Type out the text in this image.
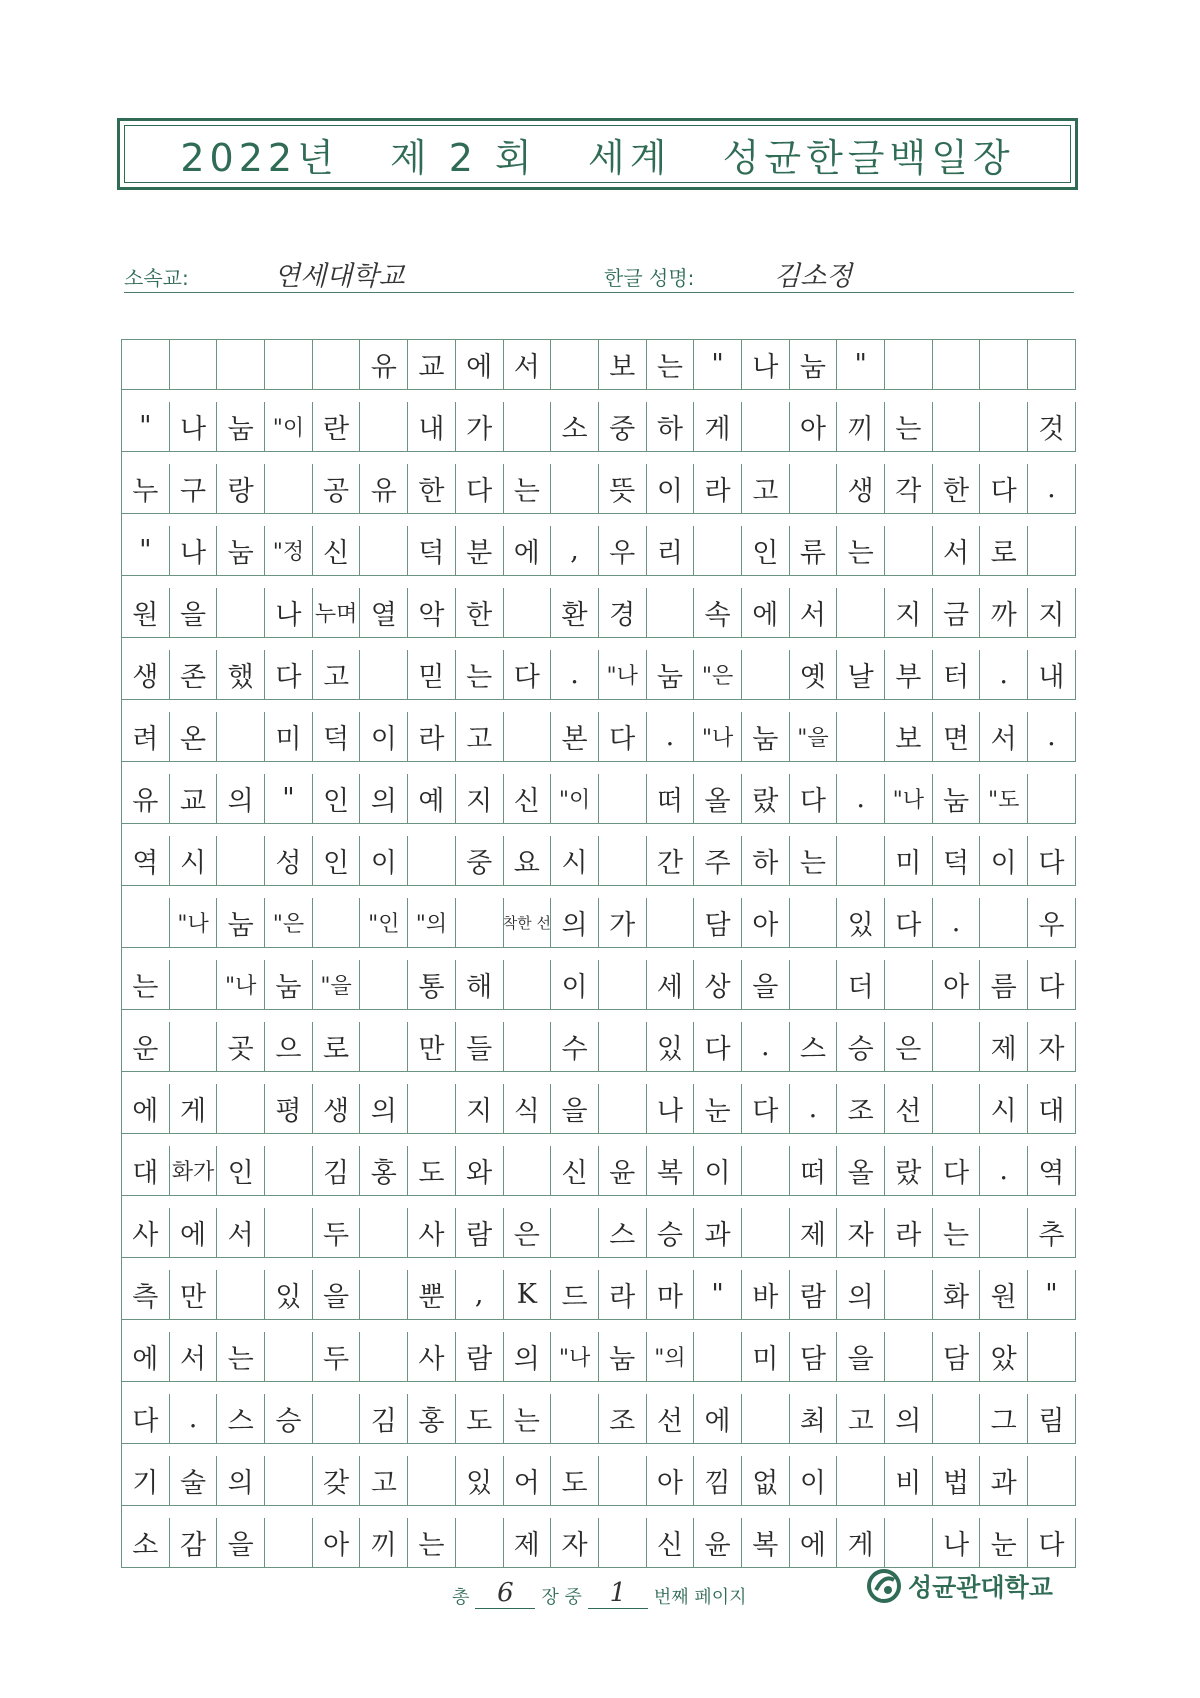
2022년   제 2 회   세계   성균한글백일장
소속교:	연세대학교	한글 성명:	김소정
유 교 에 서	보 는	"	나 눔	"
"	나 눔 "이 란	내 가	소 중 하 게	아 끼 는	것
누 구 랑	공 유 한 다 는	뜻 이 라 고	생 각 한 다	.
"	나 눔 "정 신	덕 분 에	,	우 리	인 류 는	서 로
원 을	나 누며 열 악 한	환 경	속 에 서	지 금 까 지
생 존 했 다 고	믿 는 다	.	"나 눔 "은	옛 날 부 터	.	내
려 온	미 덕 이 라 고	본 다	.	"나 눔 "을	보 면 서	.
유 교 의	"	인 의 예 지 신 "이	떠 올 랐 다	.	"나 눔 "도
역 시	성 인 이	중 요 시	간 주 하 는	미 덕 이 다
"나 눔 "은	"인 "의	착한 선 의 가	담 아	있 다	.	우
는	"나 눔 "을	통 해	이	세 상 을	더	아 름 다
운	곳 으 로	만 들	수	있 다	.	스 승 은	제 자
에 게	평 생 의	지 식 을	나 눈 다	.	조 선	시 대
대 화가 인	김 홍 도 와	신 윤 복 이	떠 올 랐 다	.	역
사 에 서	두	사 람 은	스 승 과	제 자 라 는	추
측 만	있 을	뿐	,	K 드 라 마	"	바 람 의	화 원	"
에 서 는	두	사 람 의 "나 눔 "의	미 담 을	담 았
다	.	스 승	김 홍 도 는	조 선 에	최 고 의	그 림
기 술 의	갖 고	있 어 도	아 낌 없 이	비 법 과
소 감 을	아 끼 는	제 자	신 윤 복 에 게	나 눈 다
총	6	장 중	1	번째 페이지	성균관대학교
